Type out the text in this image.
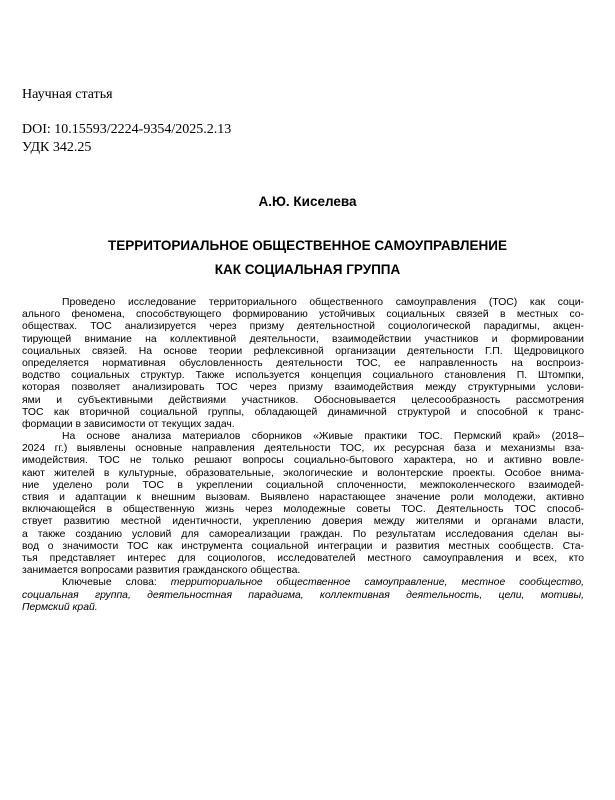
Научная статья
DOI: 10.15593/2224-9354/2025.2.13
УДК 342.25
А.Ю. Киселева
ТЕРРИТОРИАЛЬНОЕ ОБЩЕСТВЕННОЕ САМОУПРАВЛЕНИЕ
КАК СОЦИАЛЬНАЯ ГРУППА
Проведено исследование территориального общественного самоуправления (ТОС) как соци-
ального феномена, способствующего формированию устойчивых социальных связей в местных со-
обществах. ТОС анализируется через призму деятельностной социологической парадигмы, акцен-
тирующей внимание на коллективной деятельности, взаимодействии участников и формировании
социальных связей. На основе теории рефлексивной организации деятельности Г.П. Щедровицкого
определяется нормативная обусловленность деятельности ТОС, ее направленность на воспроиз-
водство социальных структур. Также используется концепция социального становления П. Штомпки,
которая позволяет анализировать ТОС через призму взаимодействия между структурными услови-
ями и субъективными действиями участников. Обосновывается целесообразность рассмотрения
ТОС как вторичной социальной группы, обладающей динамичной структурой и способной к транс-
формации в зависимости от текущих задач.
На основе анализа материалов сборников «Живые практики ТОС. Пермский край» (2018–
2024 гг.) выявлены основные направления деятельности ТОС, их ресурсная база и механизмы вза-
имодействия. ТОС не только решают вопросы социально-бытового характера, но и активно вовле-
кают жителей в культурные, образовательные, экологические и волонтерские проекты. Особое внима-
ние уделено роли ТОС в укреплении социальной сплоченности, межпоколенческого взаимодей-
ствия и адаптации к внешним вызовам. Выявлено нарастающее значение роли молодежи, активно
включающейся в общественную жизнь через молодежные советы ТОС. Деятельность ТОС способ-
ствует развитию местной идентичности, укреплению доверия между жителями и органами власти,
а также созданию условий для самореализации граждан. По результатам исследования сделан вы-
вод о значимости ТОС как инструмента социальной интеграции и развития местных сообществ. Ста-
тья представляет интерес для социологов, исследователей местного самоуправления и всех, кто
занимается вопросами развития гражданского общества.
Ключевые слова: территориальное общественное самоуправление, местное сообщество,
социальная группа, деятельностная парадигма, коллективная деятельность, цели, мотивы,
Пермский край.
